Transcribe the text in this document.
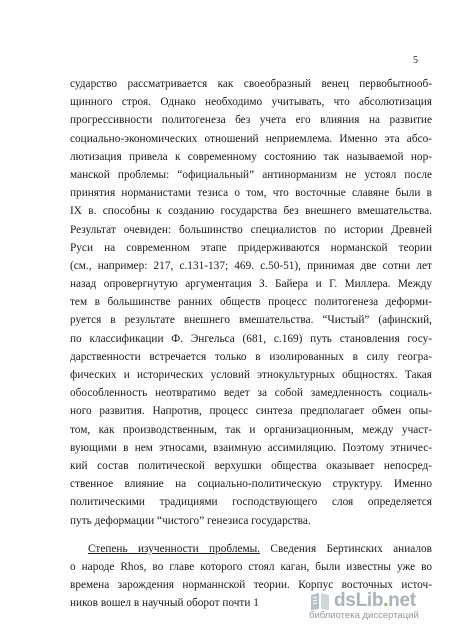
5
сударство рассматривается как своеобразный венец первобытнооб-
щинного строя. Однако необходимо учитывать, что абсолютизация
прогрессивности политогенеза без учета его влияния на развитие
социально-экономических отношений неприемлема. Именно эта абсо-
лютизация привела к современному состоянию так называемой нор-
манской проблемы: “официальный” антинорманизм не устоял после
принятия норманистами тезиса о том, что восточные славяне были в
IX в. способны к созданию государства без внешнего вмешательства.
Результат очевиден: большинство специалистов по истории Древней
Руси на современном этапе придерживаются норманской теории
(см., например: 217, с.131-137; 469. с.50-51), принимая две сотни лет
назад опровергнутую аргументация З. Байера и Г. Миллера. Между
тем в большинстве ранних обществ процесс политогенеза деформи-
руется в результате внешнего вмешательства. “Чистый” (афинский,
по классификации Ф. Энгельса (681, с.169) путь становления госу-
дарственности встречается только в изолированных в силу геогра-
фических и исторических условий этнокультурных общностях. Такая
обособленность неотвратимо ведет за собой замедленность социаль-
ного развития. Напротив, процесс синтеза предполагает обмен опы-
том, как производственным, так и организационным, между участ-
вующими в нем этносами, взаимную ассимиляцию. Поэтому этничес-
кий состав политической верхушки общества оказывает непосред-
ственное влияние на социально-политическую структуру. Именно
политическими традициями господствующего слоя определяется
путь деформации “чистого” генезиса государства.
Степень изученности проблемы. Сведения Бертинских аниалов
о народе Rhos, во главе которого стоял каган, были известны уже во
времена зарождения норманнской теории. Корпус восточных источ-
ников вошел в научный оборот почти 1	dsLib.net
библиотека диссертаций
